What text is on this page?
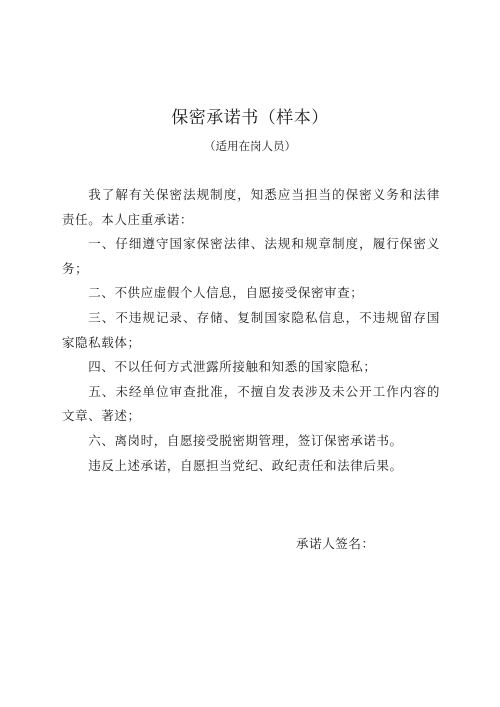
保密承诺书（样本）
（适用在岗人员）

我了解有关保密法规制度，知悉应当担当的保密义务和法律责任。本人庄重承诺：

一、仔细遵守国家保密法律、法规和规章制度，履行保密义务；

二、不供应虚假个人信息，自愿接受保密审查；

三、不违规记录、存储、复制国家隐私信息，不违规留存国家隐私载体；

四、不以任何方式泄露所接触和知悉的国家隐私；

五、未经单位审查批准，不擅自发表涉及未公开工作内容的文章、著述；

六、离岗时，自愿接受脱密期管理，签订保密承诺书。

违反上述承诺，自愿担当党纪、政纪责任和法律后果。

承诺人签名：
